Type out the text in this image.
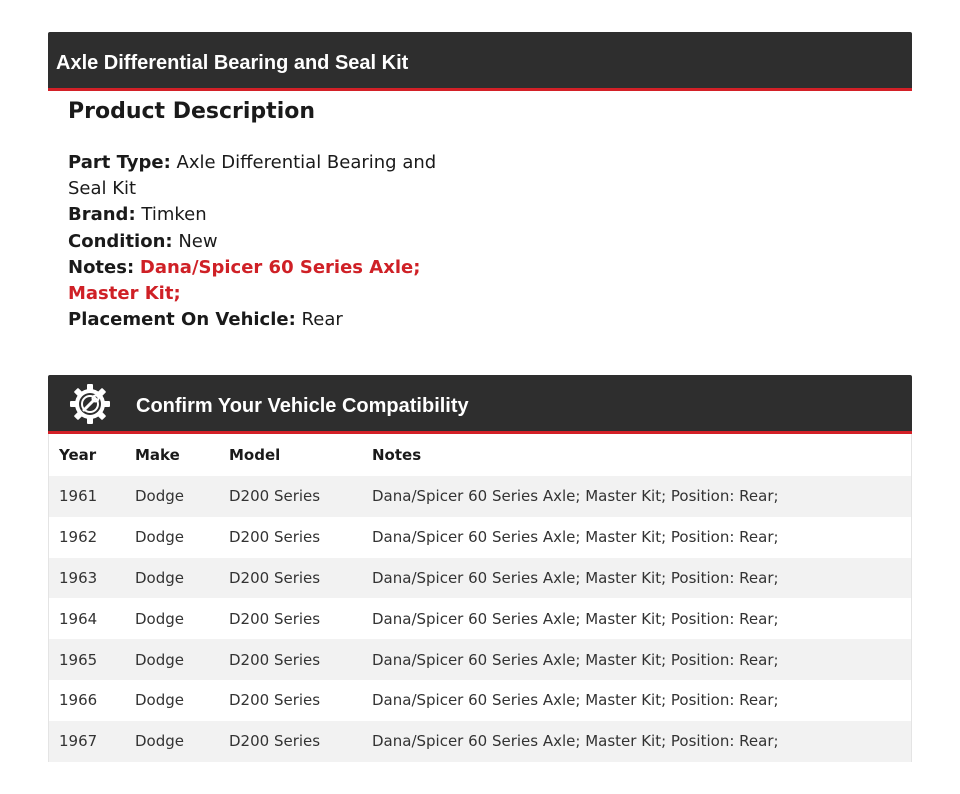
Axle Differential Bearing and Seal Kit
Product Description
Part Type: Axle Differential Bearing and Seal Kit
Brand: Timken
Condition: New
Notes: Dana/Spicer 60 Series Axle; Master Kit;
Placement On Vehicle: Rear
Confirm Your Vehicle Compatibility
Year	Make	Model	Notes
1961	Dodge	D200 Series	Dana/Spicer 60 Series Axle; Master Kit; Position: Rear;
1962	Dodge	D200 Series	Dana/Spicer 60 Series Axle; Master Kit; Position: Rear;
1963	Dodge	D200 Series	Dana/Spicer 60 Series Axle; Master Kit; Position: Rear;
1964	Dodge	D200 Series	Dana/Spicer 60 Series Axle; Master Kit; Position: Rear;
1965	Dodge	D200 Series	Dana/Spicer 60 Series Axle; Master Kit; Position: Rear;
1966	Dodge	D200 Series	Dana/Spicer 60 Series Axle; Master Kit; Position: Rear;
1967	Dodge	D200 Series	Dana/Spicer 60 Series Axle; Master Kit; Position: Rear;
